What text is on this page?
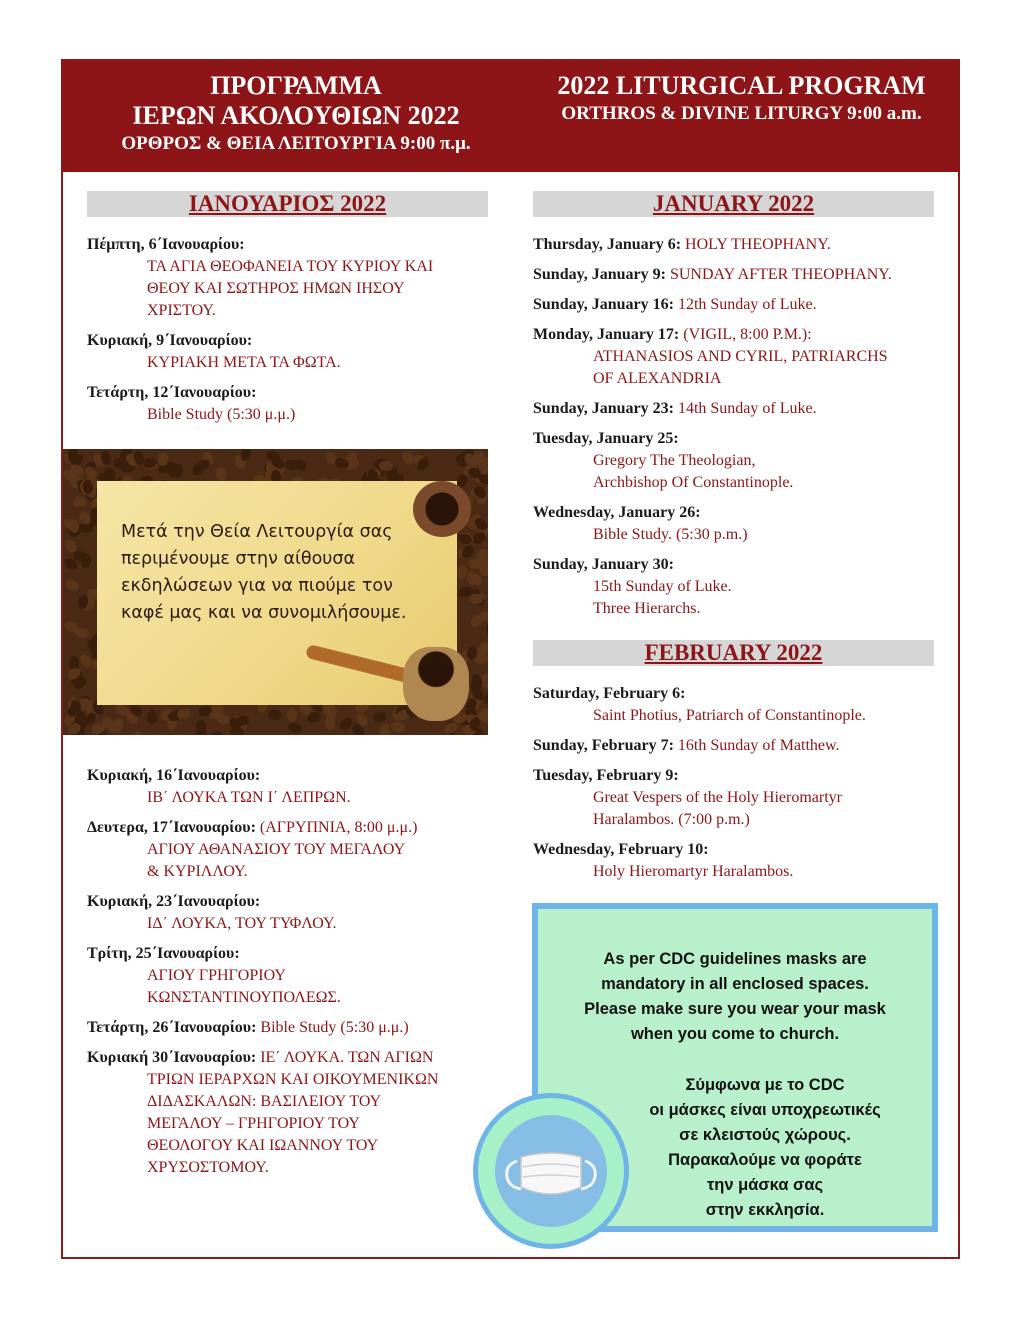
ΠΡΟΓΡΑΜΜΑ
ΙΕΡΩΝ ΑΚΟΛΟΥΘΙΩΝ 2022
ΟΡΘΡΟΣ & ΘΕΙΑ ΛΕΙΤΟΥΡΓΙΑ 9:00 π.μ.
2022 LITURGICAL PROGRAM
ORTHROS & DIVINE LITURGY 9:00 a.m.
ΙΑΝΟΥΑΡΙΟΣ 2022
Πέμπτη, 6΄Ιανουαρίου:
ΤΑ ΑΓΙΑ ΘΕΟΦΑΝΕΙΑ ΤΟΥ ΚΥΡΙΟΥ ΚΑΙ
ΘΕΟΥ ΚΑΙ ΣΩΤΗΡΟΣ ΗΜΩΝ ΙΗΣΟΥ
ΧΡΙΣΤΟΥ.
Κυριακή, 9΄Ιανουαρίου:
ΚΥΡΙΑΚΗ ΜΕΤΑ ΤΑ ΦΩΤΑ.
Τετάρτη, 12΄Ιανουαρίου:
Bible Study (5:30 μ.μ.)
Μετά την Θεία Λειτουργία σας περιμένουμε στην αίθουσα εκδηλώσεων για να πιούμε τον καφέ μας και να συνομιλήσουμε.
Κυριακή, 16΄Ιανουαρίου:
ΙΒ΄ ΛΟΥΚΑ ΤΩΝ Ι΄ ΛΕΠΡΩΝ.
Δευτερα, 17΄Ιανουαρίου: (ΑΓΡΥΠΝΙΑ, 8:00 μ.μ.)
ΑΓΙΟΥ ΑΘΑΝΑΣΙΟΥ ΤΟΥ ΜΕΓΑΛΟΥ
& ΚΥΡΙΛΛΟΥ.
Κυριακή, 23΄Ιανουαρίου:
ΙΔ΄ ΛΟΥΚΑ, ΤΟΥ ΤΥΦΛΟΥ.
Τρίτη, 25΄Ιανουαρίου:
ΑΓΙΟΥ ΓΡΗΓΟΡΙΟΥ
ΚΩΝΣΤΑΝΤΙΝΟΥΠΟΛΕΩΣ.
Τετάρτη, 26΄Ιανουαρίου: Bible Study (5:30 μ.μ.)
Κυριακή 30΄Ιανουαρίου: ΙΕ΄ ΛΟΥΚΑ. ΤΩΝ ΑΓΙΩΝ
ΤΡΙΩΝ ΙΕΡΑΡΧΩΝ ΚΑΙ ΟΙΚΟΥΜΕΝΙΚΩΝ
ΔΙΔΑΣΚΑΛΩΝ: ΒΑΣΙΛΕΙΟΥ ΤΟΥ
ΜΕΓΑΛΟΥ – ΓΡΗΓΟΡΙΟΥ ΤΟΥ
ΘΕΟΛΟΓΟΥ ΚΑΙ ΙΩΑΝΝΟΥ ΤΟΥ
ΧΡΥΣΟΣΤΟΜΟΥ.
JANUARY 2022
Thursday, January 6: HOLY THEOPHANY.
Sunday, January 9: SUNDAY AFTER THEOPHANY.
Sunday, January 16: 12th Sunday of Luke.
Monday, January 17: (VIGIL, 8:00 P.M.):
ATHANASIOS AND CYRIL, PATRIARCHS
OF ALEXANDRIA
Sunday, January 23: 14th Sunday of Luke.
Tuesday, January 25:
Gregory The Theologian,
Archbishop Of Constantinople.
Wednesday, January 26:
Bible Study. (5:30 p.m.)
Sunday, January 30:
15th Sunday of Luke.
Three Hierarchs.
FEBRUARY 2022
Saturday, February 6:
Saint Photius, Patriarch of Constantinople.
Sunday, February 7: 16th Sunday of Matthew.
Tuesday, February 9:
Great Vespers of the Holy Hieromartyr
Haralambos. (7:00 p.m.)
Wednesday, February 10:
Holy Hieromartyr Haralambos.
As per CDC guidelines masks are
mandatory in all enclosed spaces.
Please make sure you wear your mask
when you come to church.
Σύμφωνα με το CDC
οι μάσκες είναι υποχρεωτικές
σε κλειστούς χώρους.
Παρακαλούμε να φοράτε
την μάσκα σας
στην εκκλησία.
